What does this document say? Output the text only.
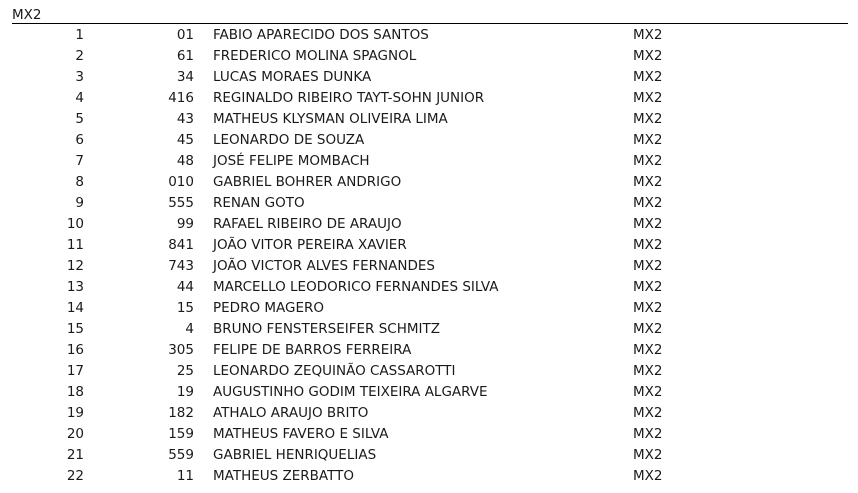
MX2
1	01 FABIO APARECIDO DOS SANTOS	MX2
2	61 FREDERICO MOLINA SPAGNOL	MX2
3	34 LUCAS MORAES DUNKA	MX2
4	416 REGINALDO RIBEIRO TAYT-SOHN JUNIOR	MX2
5	43 MATHEUS KLYSMAN OLIVEIRA LIMA	MX2
6	45 LEONARDO DE SOUZA	MX2
7	48 JOSÉ FELIPE MOMBACH	MX2
8	010 GABRIEL BOHRER ANDRIGO	MX2
9	555 RENAN GOTO	MX2
10	99 RAFAEL RIBEIRO DE ARAUJO	MX2
11	841 JOÃO VITOR PEREIRA XAVIER	MX2
12	743 JOÃO VICTOR ALVES FERNANDES	MX2
13	44 MARCELLO LEODORICO FERNANDES SILVA	MX2
14	15 PEDRO MAGERO	MX2
15	4 BRUNO FENSTERSEIFER SCHMITZ	MX2
16	305 FELIPE DE BARROS FERREIRA	MX2
17	25 LEONARDO ZEQUINÃO CASSAROTTI	MX2
18	19 AUGUSTINHO GODIM TEIXEIRA ALGARVE	MX2
19	182 ATHALO ARAUJO BRITO	MX2
20	159 MATHEUS FAVERO E SILVA	MX2
21	559 GABRIEL HENRIQUELIAS	MX2
22	11 MATHEUS ZERBATTO	MX2
